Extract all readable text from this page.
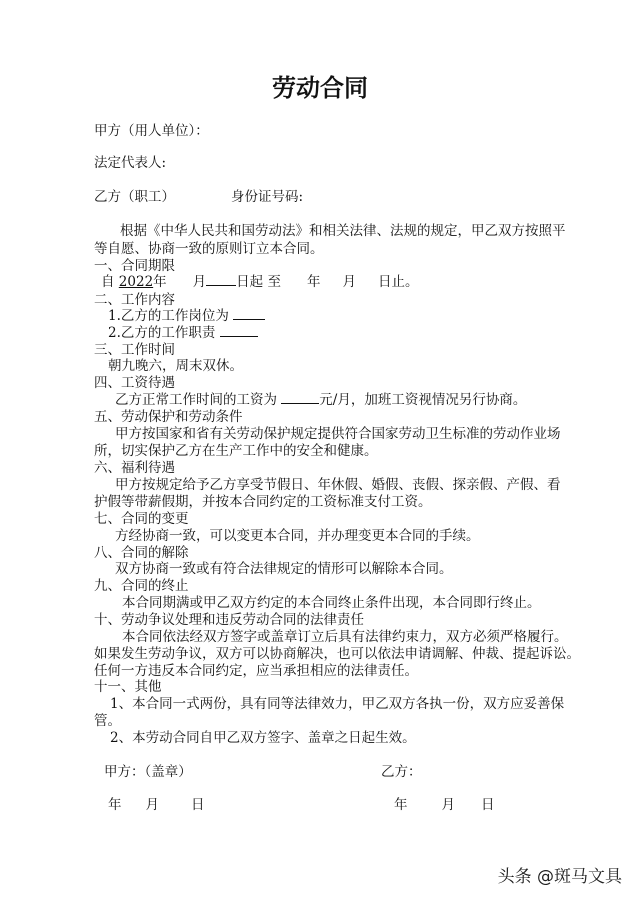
劳动合同
甲方（用人单位）：
法定代表人:
乙方（职工）	身份证号码:
根据《中华人民共和国劳动法》和相关法律、法规的规定，甲乙双方按照平
等自愿、协商一致的原则订立本合同。
一、合同期限
自 2022年 月 日起 至 年 月 日止。
二、工作内容
1.乙方的工作岗位为
2.乙方的工作职责
三、工作时间
朝九晚六，周末双休。
四、工资待遇
乙方正常工作时间的工资为	元/月，加班工资视情况另行协商。
五、劳动保护和劳动条件
甲方按国家和省有关劳动保护规定提供符合国家劳动卫生标准的劳动作业场
所，切实保护乙方在生产工作中的安全和健康。
六、福利待遇
甲方按规定给予乙方享受节假日、年休假、婚假、丧假、探亲假、产假、看
护假等带薪假期，并按本合同约定的工资标准支付工资。
七、合同的变更
方经协商一致，可以变更本合同，并办理变更本合同的手续。
八、合同的解除
双方协商一致或有符合法律规定的情形可以解除本合同。
九、合同的终止
本合同期满或甲乙双方约定的本合同终止条件出现，本合同即行终止。
十、劳动争议处理和违反劳动合同的法律责任
本合同依法经双方签字或盖章订立后具有法律约束力，双方必须严格履行。
如果发生劳动争议，双方可以协商解决，也可以依法申请调解、仲裁、提起诉讼。
任何一方违反本合同约定，应当承担相应的法律责任。
十一、其他
1、本合同一式两份，具有同等法律效力，甲乙双方各执一份，双方应妥善保
管。
2、本劳动合同自甲乙双方签字、盖章之日起生效。
甲方：（盖章）	乙方：
年 月 日	年	月 日
头条 @斑马文具
